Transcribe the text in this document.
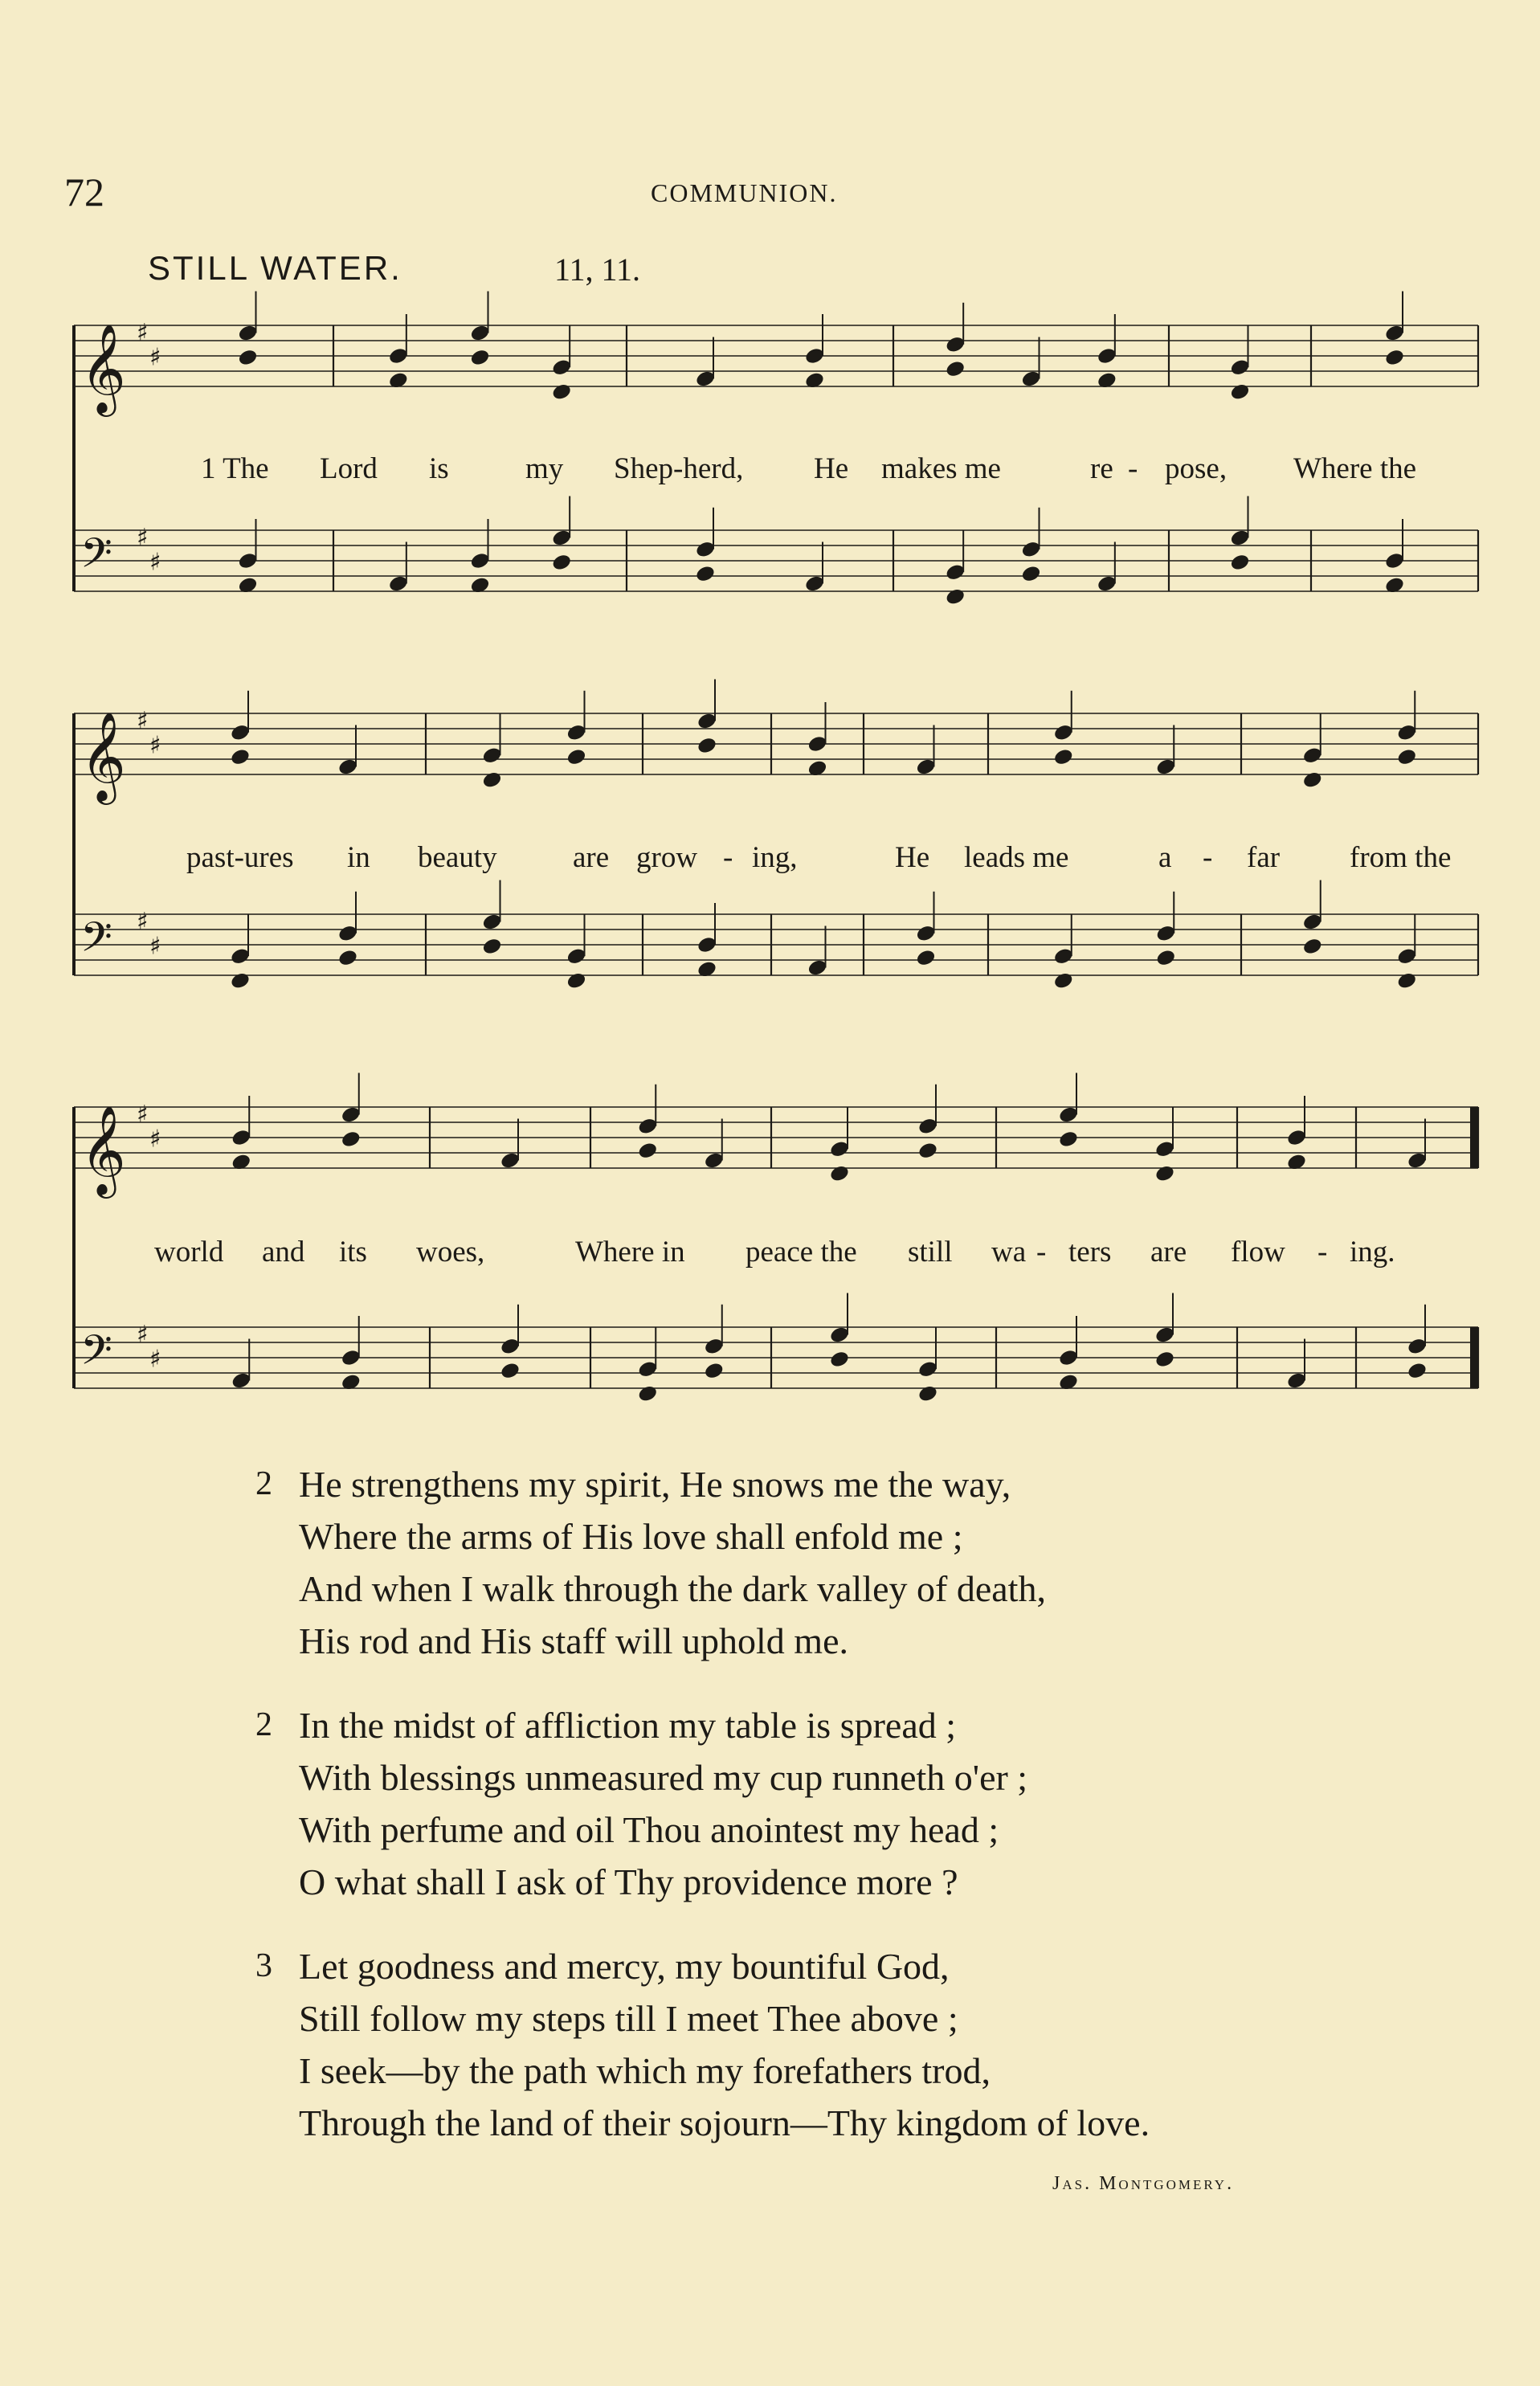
72	COMMUNION.
STILL WATER.	11, 11.
𝄞 ♯
♯
𝄢 ♯
♯
𝄞 ♯
♯
𝄢 ♯
♯
𝄞 ♯
♯
𝄢 ♯
♯
1 The Lord is	my Shep-herd, He makes me	re - pose, Where the
past-ures in beauty	are grow - ing,	He leads me	a - far from the
world and its woes,	Where in peace the still wa - ters are flow - ing.
2 He strengthens my spirit, He snows me the way,
Where the arms of His love shall enfold me ;
And when I walk through the dark valley of death,
His rod and His staff will uphold me.
2 In the midst of affliction my table is spread ;
With blessings unmeasured my cup runneth o'er ;
With perfume and oil Thou anointest my head ;
O what shall I ask of Thy providence more ?
3 Let goodness and mercy, my bountiful God,
Still follow my steps till I meet Thee above ;
I seek—by the path which my forefathers trod,
Through the land of their sojourn—Thy kingdom of love.
Jas. Montgomery.
